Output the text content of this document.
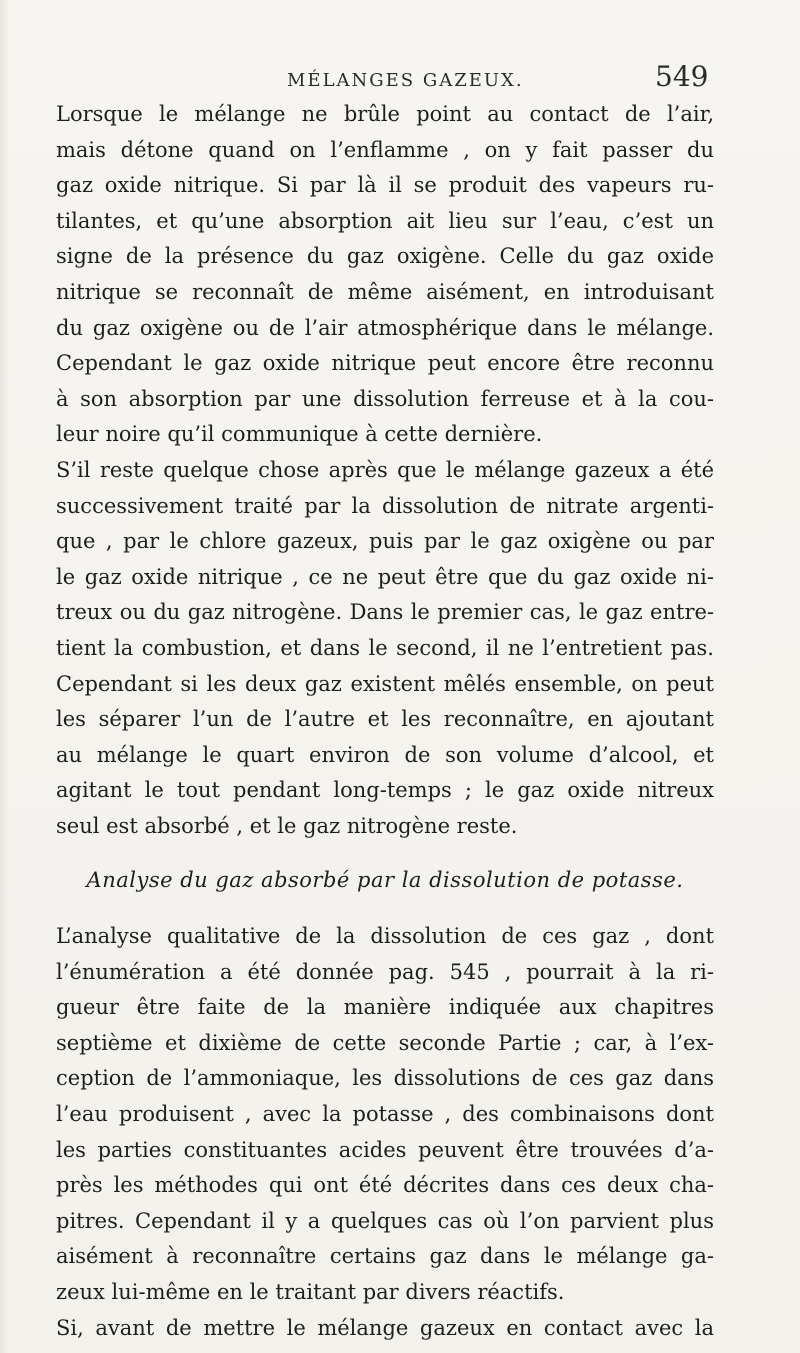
MÉLANGES GAZEUX.	549
Lorsque le mélange ne brûle point au contact de l’air,
mais détone quand on l’enflamme , on y fait passer du
gaz oxide nitrique. Si par là il se produit des vapeurs ru-
tilantes, et qu’une absorption ait lieu sur l’eau, c’est un
signe de la présence du gaz oxigène. Celle du gaz oxide
nitrique se reconnaît de même aisément, en introduisant
du gaz oxigène ou de l’air atmosphérique dans le mélange.
Cependant le gaz oxide nitrique peut encore être reconnu
à son absorption par une dissolution ferreuse et à la cou-
leur noire qu’il communique à cette dernière.
S’il reste quelque chose après que le mélange gazeux a été
successivement traité par la dissolution de nitrate argenti-
que , par le chlore gazeux, puis par le gaz oxigène ou par
le gaz oxide nitrique , ce ne peut être que du gaz oxide ni-
treux ou du gaz nitrogène. Dans le premier cas, le gaz entre-
tient la combustion, et dans le second, il ne l’entretient pas.
Cependant si les deux gaz existent mêlés ensemble, on peut
les séparer l’un de l’autre et les reconnaître, en ajoutant
au mélange le quart environ de son volume d’alcool, et
agitant le tout pendant long-temps ; le gaz oxide nitreux
seul est absorbé , et le gaz nitrogène reste.
Analyse du gaz absorbé par la dissolution de potasse.
L’analyse qualitative de la dissolution de ces gaz , dont
l’énumération a été donnée pag. 545 , pourrait à la ri-
gueur être faite de la manière indiquée aux chapitres
septième et dixième de cette seconde Partie ; car, à l’ex-
ception de l’ammoniaque, les dissolutions de ces gaz dans
l’eau produisent , avec la potasse , des combinaisons dont
les parties constituantes acides peuvent être trouvées d’a-
près les méthodes qui ont été décrites dans ces deux cha-
pitres. Cependant il y a quelques cas où l’on parvient plus
aisément à reconnaître certains gaz dans le mélange ga-
zeux lui-même en le traitant par divers réactifs.
Si, avant de mettre le mélange gazeux en contact avec la
